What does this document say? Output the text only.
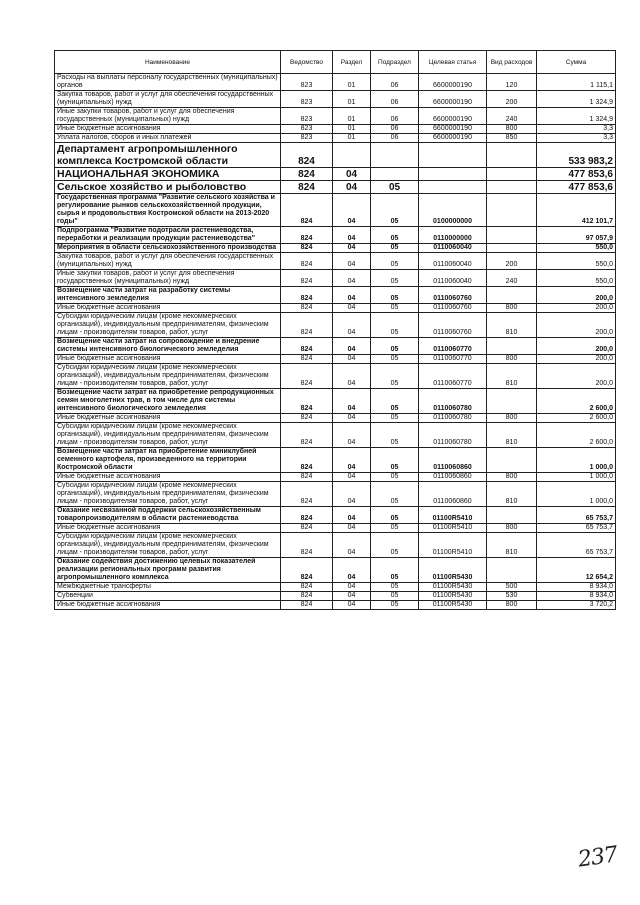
Наименование	Ведомство	Раздел	Подраздел	Целевая статья	Вид расходов	Сумма
Расходы на выплаты персоналу государственных (муниципальных) органов	823	01	06	6600000190	120	1 115,1
Закупка товаров, работ и услуг для обеспечения государственных (муниципальных) нужд	823	01	06	6600000190	200	1 324,9
Иные закупки товаров, работ и услуг для обеспечения государственных (муниципальных) нужд	823	01	06	6600000190	240	1 324,9
Иные бюджетные ассигнования	823	01	06	6600000190	800	3,3
Уплата налогов, сборов и иных платежей	823	01	06	6600000190	850	3,3
Департамент агропромышленного комплекса Костромской области	824					533 983,2
НАЦИОНАЛЬНАЯ ЭКОНОМИКА	824	04				477 853,6
Сельское хозяйство и рыболовство	824	04	05			477 853,6
Государственная программа "Развитие сельского хозяйства и регулирование рынков сельскохозяйственной продукции, сырья и продовольствия Костромской области на 2013-2020 годы"	824	04	05	0100000000		412 101,7
Подпрограмма "Развитие подотрасли растениеводства, переработки и реализации продукции растениеводства"	824	04	05	0110000000		97 057,9
Мероприятия в области сельскохозяйственного производства	824	04	05	0110060040		550,0
Закупка товаров, работ и услуг для обеспечения государственных (муниципальных) нужд	824	04	05	0110060040	200	550,0
Иные закупки товаров, работ и услуг для обеспечения государственных (муниципальных) нужд	824	04	05	0110060040	240	550,0
Возмещение части затрат на разработку системы интенсивного земледелия	824	04	05	0110060760		200,0
Иные бюджетные ассигнования	824	04	05	0110060760	800	200,0
Субсидии юридическим лицам (кроме некоммерческих организаций), индивидуальным предпринимателям, физическим лицам - производителям товаров, работ, услуг	824	04	05	0110060760	810	200,0
Возмещение части затрат на сопровождение и внедрение системы интенсивного биологического земледелия	824	04	05	0110060770		200,0
Иные бюджетные ассигнования	824	04	05	0110060770	800	200,0
Субсидии юридическим лицам (кроме некоммерческих организаций), индивидуальным предпринимателям, физическим лицам - производителям товаров, работ, услуг	824	04	05	0110060770	810	200,0
Возмещение части затрат на приобретение репродукционных семян многолетних трав, в том числе для системы интенсивного биологического земледелия	824	04	05	0110060780		2 600,0
Иные бюджетные ассигнования	824	04	05	0110060780	800	2 600,0
Субсидии юридическим лицам (кроме некоммерческих организаций), индивидуальным предпринимателям, физическим лицам - производителям товаров, работ, услуг	824	04	05	0110060780	810	2 600,0
Возмещение части затрат на приобретение миниклубней семенного картофеля, произведенного на территории Костромской области	824	04	05	0110060860		1 000,0
Иные бюджетные ассигнования	824	04	05	0110060860	800	1 000,0
Субсидии юридическим лицам (кроме некоммерческих организаций), индивидуальным предпринимателям, физическим лицам - производителям товаров, работ, услуг	824	04	05	0110060860	810	1 000,0
Оказание несвязанной поддержки сельскохозяйственным товаропроизводителям в области растениеводства	824	04	05	01100R5410		65 753,7
Иные бюджетные ассигнования	824	04	05	01100R5410	800	65 753,7
Субсидии юридическим лицам (кроме некоммерческих организаций), индивидуальным предпринимателям, физическим лицам - производителям товаров, работ, услуг	824	04	05	01100R5410	810	65 753,7
Оказание содействия достижению целевых показателей реализации региональных программ развития агропромышленного комплекса	824	04	05	01100R5430		12 654,2
Межбюджетные трансферты	824	04	05	01100R5430	500	8 934,0
Субвенции	824	04	05	01100R5430	530	8 934,0
Иные бюджетные ассигнования	824	04	05	01100R5430	800	3 720,2
237
